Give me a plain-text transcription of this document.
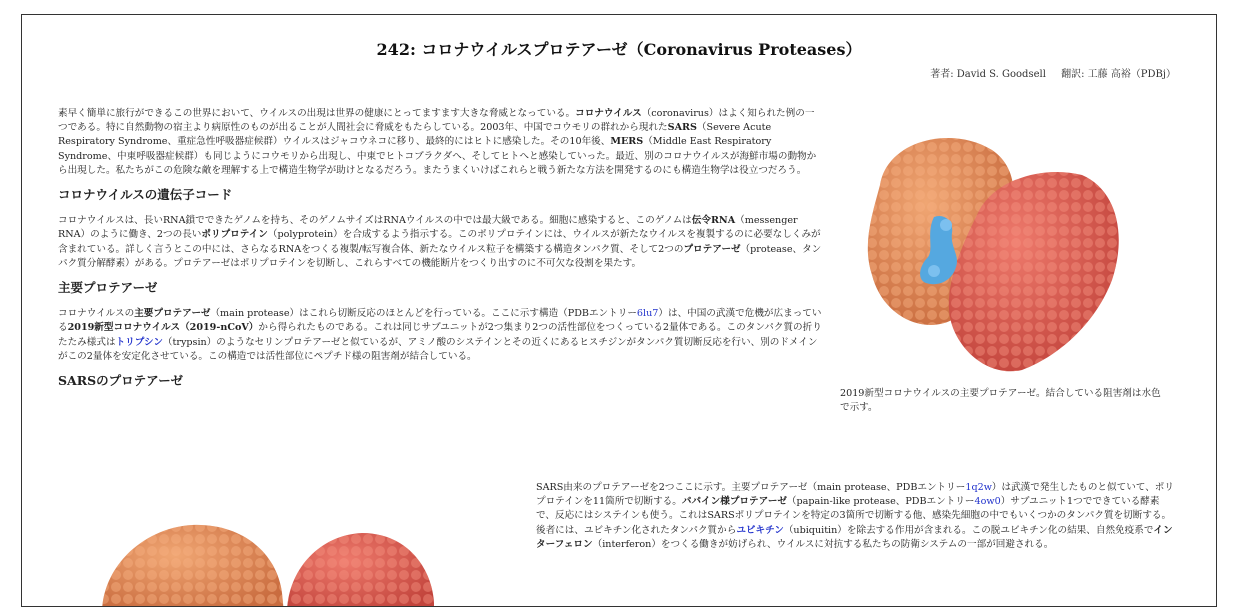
242: コロナウイルスプロテアーゼ（Coronavirus Proteases）
著者: David S. Goodsell 翻訳: 工藤 高裕（PDBj）

素早く簡単に旅行ができるこの世界において、ウイルスの出現は世界の健康にとってますます大きな脅威となっている。コロナウイルス（coronavirus）はよく知られた例の一つである。特に自然動物の宿主より病原性のものが出ることが人間社会に脅威をもたらしている。2003年、中国でコウモリの群れから現れたSARS（Severe Acute Respiratory Syndrome、重症急性呼吸器症候群）ウイルスはジャコウネコに移り、最終的にはヒトに感染した。その10年後、MERS（Middle East Respiratory Syndrome、中東呼吸器症候群）も同じようにコウモリから出現し、中東でヒトコブラクダへ、そしてヒトへと感染していった。最近、別のコロナウイルスが海鮮市場の動物から出現した。私たちがこの危険な敵を理解する上で構造生物学が助けとなるだろう。またうまくいけばこれらと戦う新たな方法を開発するのにも構造生物学は役立つだろう。

コロナウイルスの遺伝子コード

コロナウイルスは、長いRNA鎖でできたゲノムを持ち、そのゲノムサイズはRNAウイルスの中では最大級である。細胞に感染すると、このゲノムは伝令RNA（messenger RNA）のように働き、2つの長いポリプロテイン（polyprotein）を合成するよう指示する。このポリプロテインには、ウイルスが新たなウイルスを複製するのに必要なしくみが含まれている。詳しく言うとこの中には、さらなるRNAをつくる複製/転写複合体、新たなウイルス粒子を構築する構造タンパク質、そして2つのプロテアーゼ（protease、タンパク質分解酵素）がある。プロテアーゼはポリプロテインを切断し、これらすべての機能断片をつくり出すのに不可欠な役割を果たす。

主要プロテアーゼ

コロナウイルスの主要プロテアーゼ（main protease）はこれら切断反応のほとんどを行っている。ここに示す構造（PDBエントリー6lu7）は、中国の武漢で危機が広まっている2019新型コロナウイルス（2019-nCoV）から得られたものである。これは同じサブユニットが2つ集まり2つの活性部位をつくっている2量体である。このタンパク質の折りたたみ様式はトリプシン（trypsin）のようなセリンプロテアーゼと似ているが、アミノ酸のシステインとその近くにあるヒスチジンがタンパク質切断反応を行い、別のドメインがこの2量体を安定化させている。この構造では活性部位にペプチド様の阻害剤が結合している。

SARSのプロテアーゼ
2019新型コロナウイルスの主要プロテアーゼ。結合している阻害剤は水色で示す。
SARS由来のプロテアーゼを2つここに示す。主要プロテアーゼ（main protease、PDBエントリー1q2w）は武漢で発生したものと似ていて、ポリプロテインを11箇所で切断する。パパイン様プロテアーゼ（papain-like protease、PDBエントリー4ow0）サブユニット1つでできている酵素で、反応にはシステインも使う。これはSARSポリプロテインを特定の3箇所で切断する他、感染先細胞の中でもいくつかのタンパク質を切断する。後者には、ユビキチン化されたタンパク質からユビキチン（ubiquitin）を除去する作用が含まれる。この脱ユビキチン化の結果、自然免疫系でインターフェロン（interferon）をつくる働きが妨げられ、ウイルスに対抗する私たちの防衛システムの一部が回避される。
